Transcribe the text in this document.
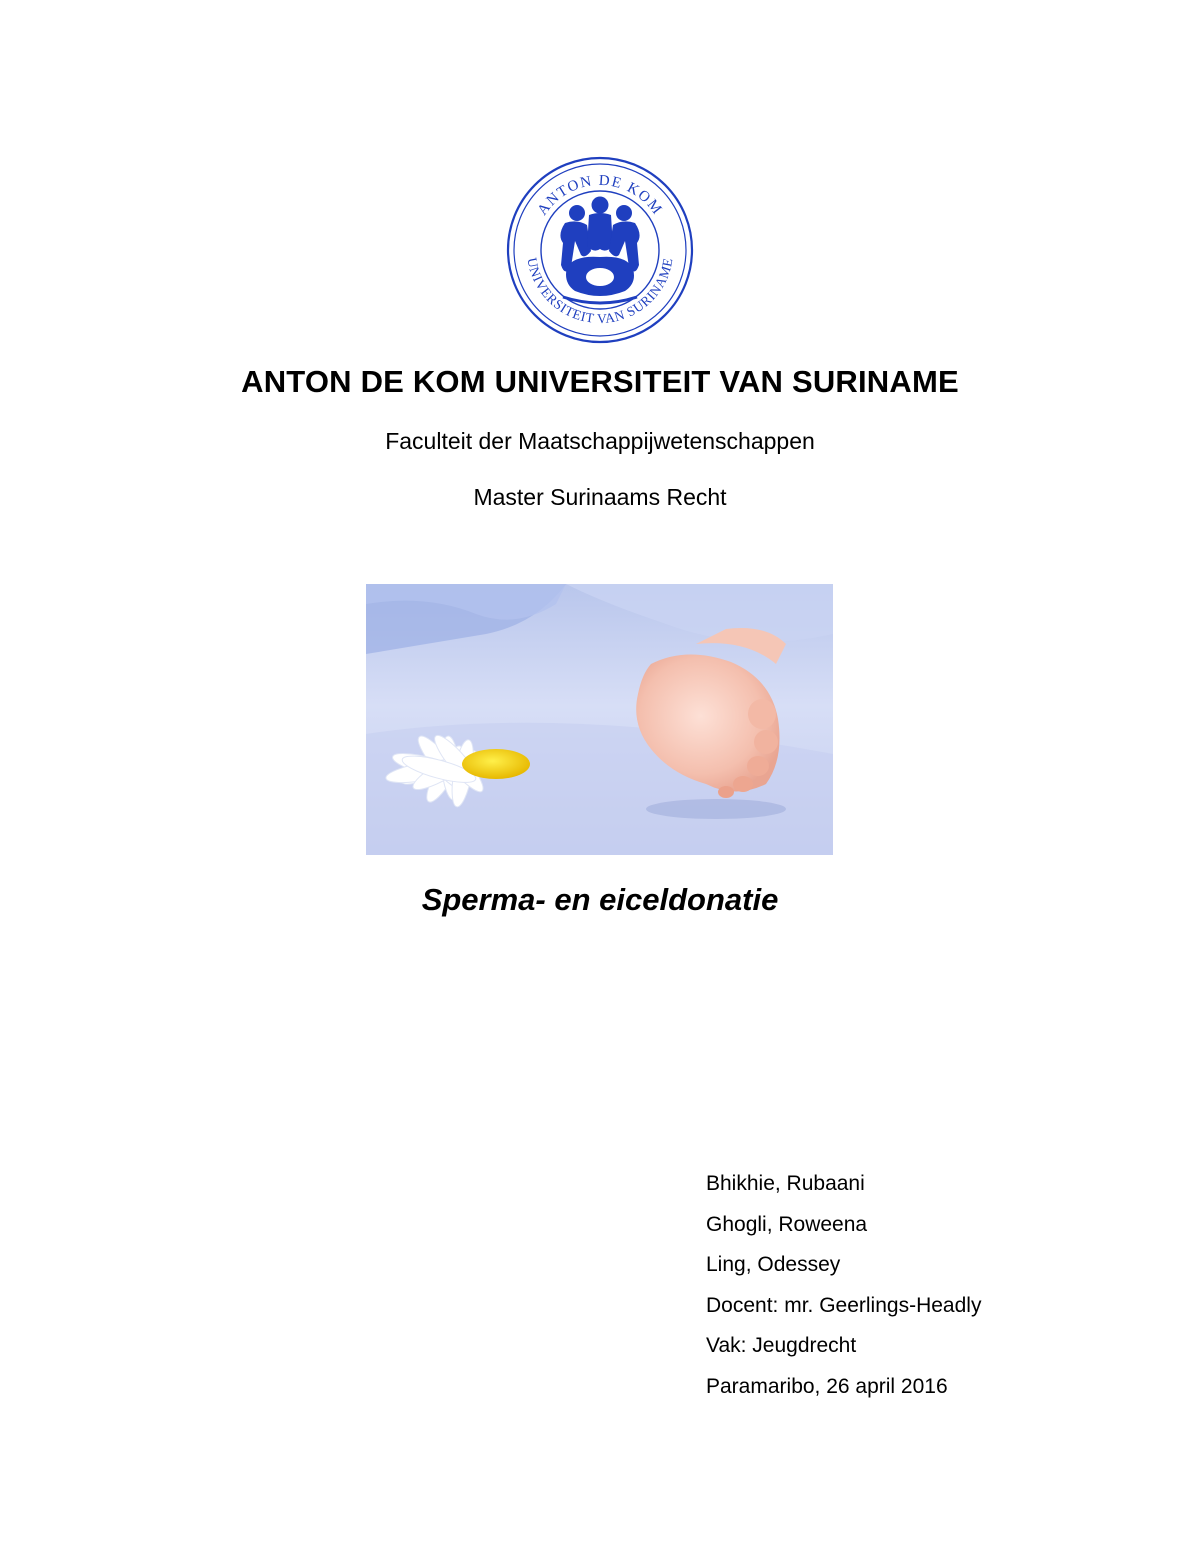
ANTON DE KOM
UNIVERSITEIT VAN SURINAME
ANTON DE KOM UNIVERSITEIT VAN SURINAME
Faculteit der Maatschappijwetenschappen
Master Surinaams Recht
Sperma- en eiceldonatie
Bhikhie, Rubaani
Ghogli, Roweena
Ling, Odessey
Docent: mr. Geerlings-Headly
Vak: Jeugdrecht
Paramaribo, 26 april 2016
